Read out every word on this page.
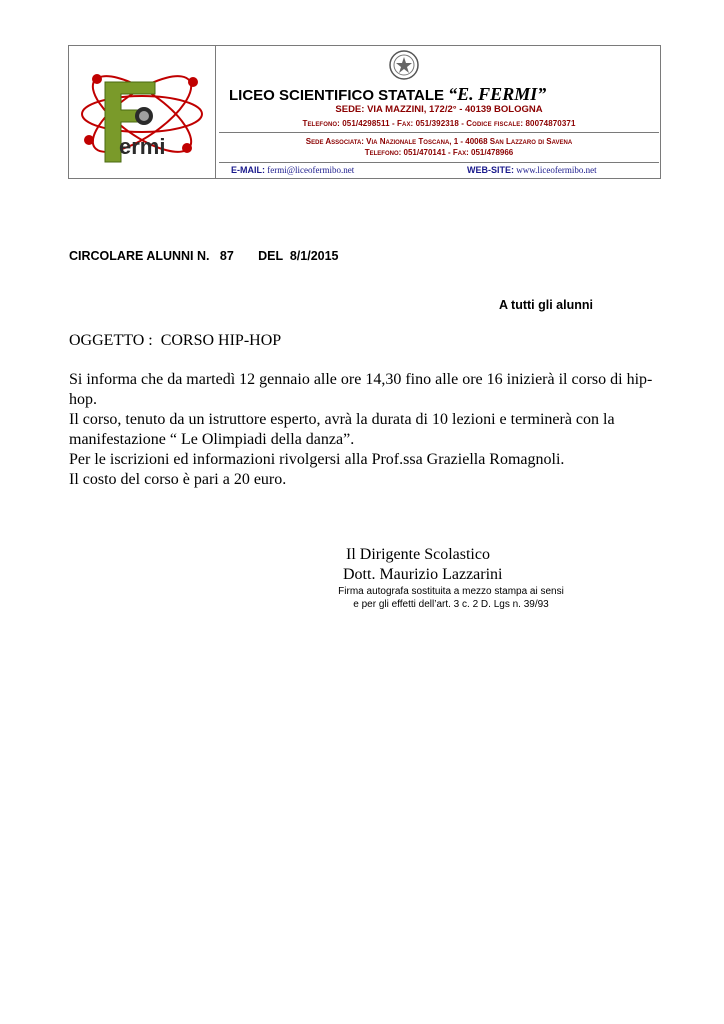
ermi
LICEO SCIENTIFICO STATALE “E. FERMI”
SEDE: VIA MAZZINI, 172/2° - 40139 BOLOGNA
Telefono: 051/4298511 - Fax: 051/392318 - Codice fiscale: 80074870371
Sede Associata: Via Nazionale Toscana, 1 - 40068 San Lazzaro di Savena
Telefono: 051/470141 - Fax: 051/478966
E-MAIL: fermi@liceofermibo.net	WEB-SITE: www.liceofermibo.net
CIRCOLARE ALUNNI N.   87       DEL  8/1/2015
A tutti gli alunni
OGGETTO :  CORSO HIP-HOP

Si informa che da martedì 12 gennaio alle ore 14,30 fino alle ore 16 inizierà il corso di hip-hop.

Il corso, tenuto da un istruttore esperto, avrà la durata di 10 lezioni e terminerà con la manifestazione “ Le Olimpiadi della danza”.

Per le iscrizioni ed informazioni rivolgersi alla Prof.ssa Graziella Romagnoli.

Il costo del corso è pari a 20 euro.

Il Dirigente Scolastico
Dott. Maurizio Lazzarini
Firma autografa sostituita a mezzo stampa ai sensi
e per gli effetti dell’art. 3 c. 2 D. Lgs n. 39/93
